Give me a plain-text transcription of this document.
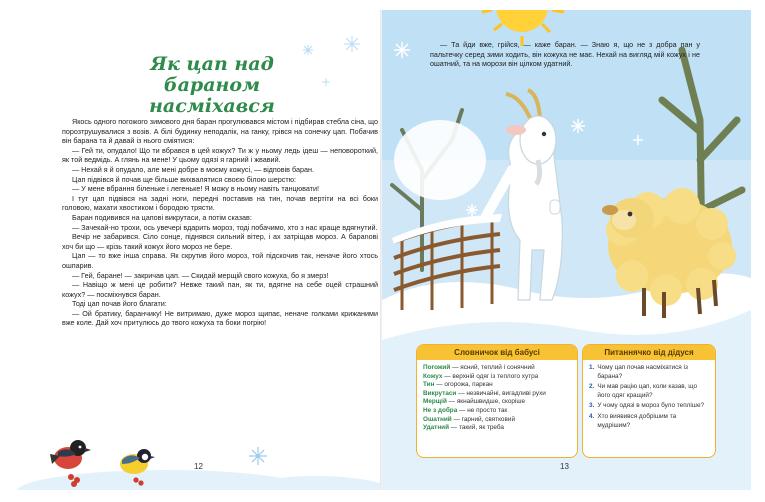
Як цап над бараном
насміхався

Якось одного погожого зимового дня баран прогулювався містом і підбирав стебла сіна, що порозтрушувалися з возів. А білі будинку неподалік, на ганку, грівся на сонечку цап. Побачив він барана та й давай із нього сміятися:

— Гей ти, опудало! Що ти вбрався в цей кожух? Ти ж у ньому ледь ідеш — неповороткий, як той ведмідь. А глянь на мене! У цьому одязі я гарний і жвавий.

— Нехай я й опудало, але мені добре в моєму кожусі, — відповів баран.

Цап підвівся й почав ще більше вихвалятися своєю білою шерстю:

— У мене вбрання біленьке і легеньке! Я можу в ньому навіть танцювати!

І тут цап підвівся на задні ноги, передні поставив на тин, почав вертіти на всі боки головою, махати хвостиком і бородою трясти.

Баран подивився на цапові викрутаси, а потім сказав:

— Зачекай-но трохи, ось увечері вдарить мороз, тоді побачимо, хто з нас краще вдягнутий.

Вечір не забарився. Сіло сонце, піднявся сильний вітер, і ах затріщав мороз. А барanові хоч би що — крізь такий кожух його мороз не бере.

Цап — то вже інша справа. Як скрутив його мороз, той підскочив так, неначе його хтось ошпарив.

— Гей, бaране! — закричав цап. — Скидай мерщій свого кожуха, бо я змерз!

— Навіщо ж мені це робити? Невже такий пан, як ти, вдягне на себе оцей страшний кожух? — посміхнувся баран.

Тоді цап почав його благати:

— Ой братику, баранчику! Не витримаю, дуже мороз щипає, неначе голками крижаними вже коле. Дай хоч притулюсь до твого кожуха та боки погрію!

12

— Та йди вже, грійся, — каже баран. — Знаю я, що не з добра пан у пальтечку серед зими ходить, він кожуха не має. Нехай на вигляд мій кожух і не ошатний, та на морози він цілком удатний.

Словничок від бабусі
Погожий — ясний, теплий і сонячний
Кожух — верхній одяг із теплого хутра
Тин — огорожа, паркан
Викрутаси — незвичайні, вигадливі рухи
Мерщій — якнайшвидше, скоріше
Не з добра — не просто так
Ошатний — гарний, святковий
Удатний — такий, як треба
Питаннячко від дідуся
1. Чому цап почав насміхатися із барана?
2. Чи мав рацію цап, коли казав, що його одяг кращий?
3. У чому одязі в мороз було тепліше?
4. Хто виявився добрішим та мудрішим?
13
